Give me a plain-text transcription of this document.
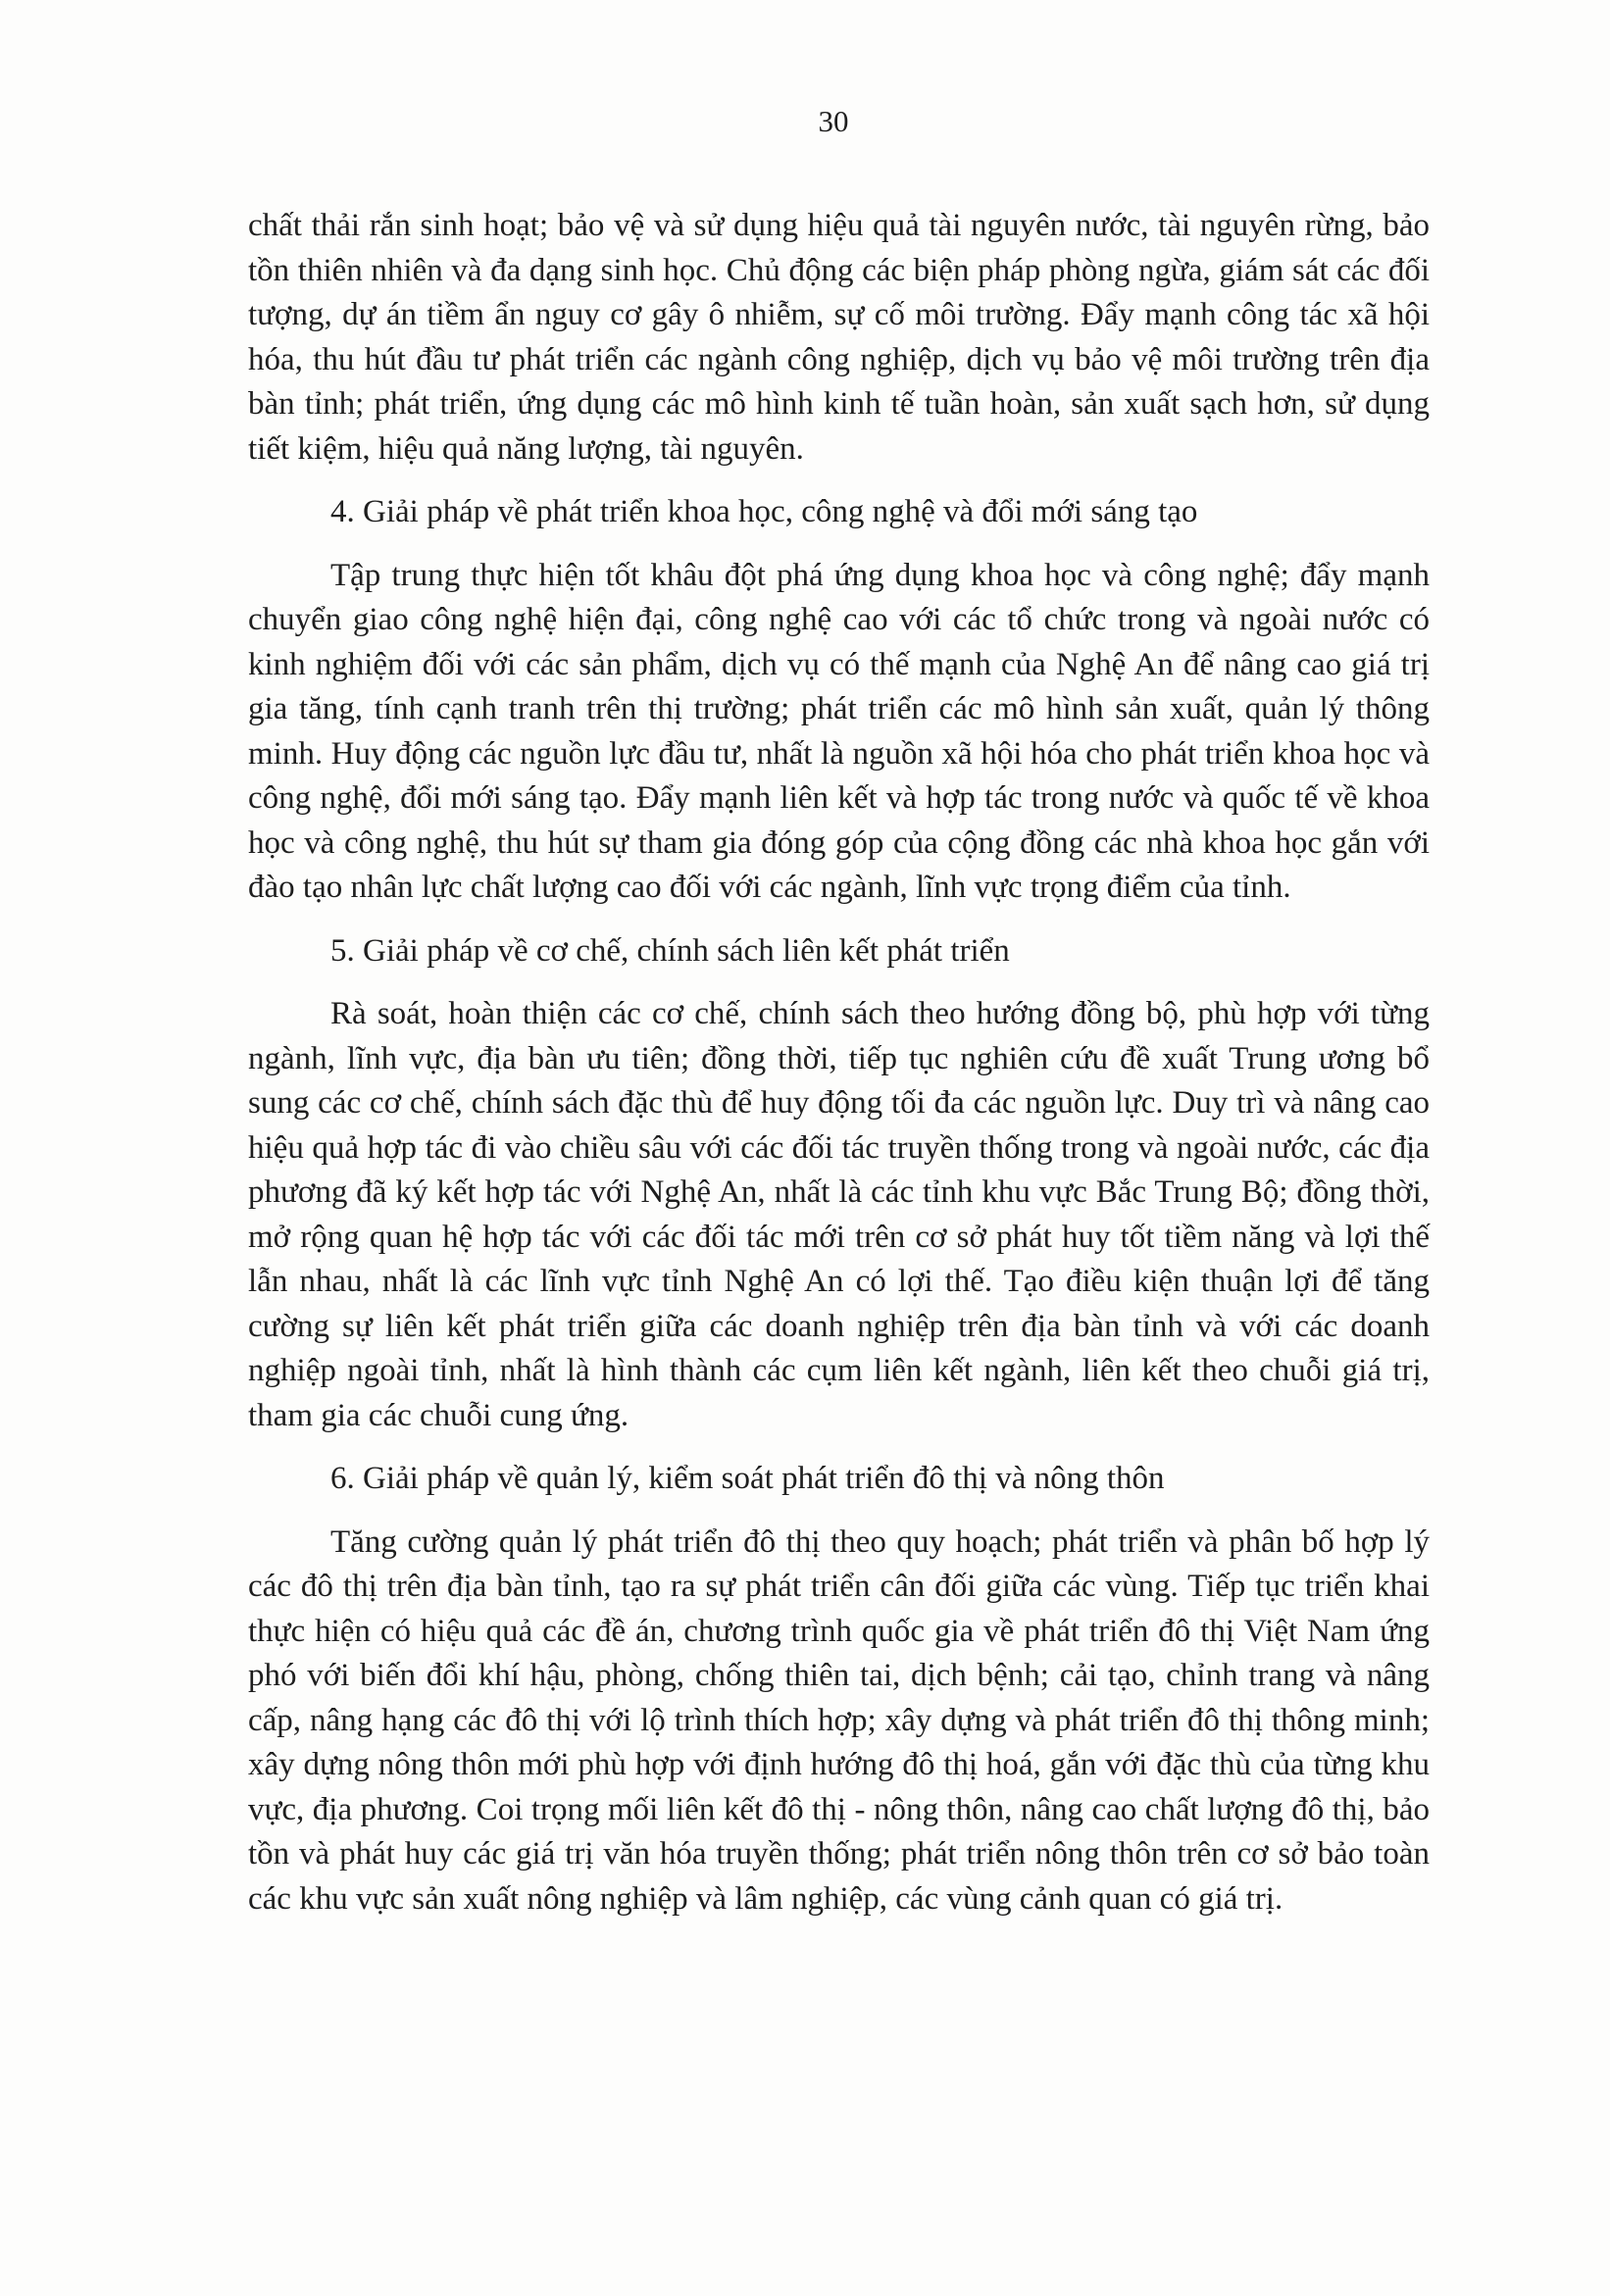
30

chất thải rắn sinh hoạt; bảo vệ và sử dụng hiệu quả tài nguyên nước, tài nguyên rừng, bảo tồn thiên nhiên và đa dạng sinh học. Chủ động các biện pháp phòng ngừa, giám sát các đối tượng, dự án tiềm ẩn nguy cơ gây ô nhiễm, sự cố môi trường. Đẩy mạnh công tác xã hội hóa, thu hút đầu tư phát triển các ngành công nghiệp, dịch vụ bảo vệ môi trường trên địa bàn tỉnh; phát triển, ứng dụng các mô hình kinh tế tuần hoàn, sản xuất sạch hơn, sử dụng tiết kiệm, hiệu quả năng lượng, tài nguyên.

4. Giải pháp về phát triển khoa học, công nghệ và đổi mới sáng tạo

Tập trung thực hiện tốt khâu đột phá ứng dụng khoa học và công nghệ; đẩy mạnh chuyển giao công nghệ hiện đại, công nghệ cao với các tổ chức trong và ngoài nước có kinh nghiệm đối với các sản phẩm, dịch vụ có thế mạnh của Nghệ An để nâng cao giá trị gia tăng, tính cạnh tranh trên thị trường; phát triển các mô hình sản xuất, quản lý thông minh. Huy động các nguồn lực đầu tư, nhất là nguồn xã hội hóa cho phát triển khoa học và công nghệ, đổi mới sáng tạo. Đẩy mạnh liên kết và hợp tác trong nước và quốc tế về khoa học và công nghệ, thu hút sự tham gia đóng góp của cộng đồng các nhà khoa học gắn với đào tạo nhân lực chất lượng cao đối với các ngành, lĩnh vực trọng điểm của tỉnh.

5. Giải pháp về cơ chế, chính sách liên kết phát triển

Rà soát, hoàn thiện các cơ chế, chính sách theo hướng đồng bộ, phù hợp với từng ngành, lĩnh vực, địa bàn ưu tiên; đồng thời, tiếp tục nghiên cứu đề xuất Trung ương bổ sung các cơ chế, chính sách đặc thù để huy động tối đa các nguồn lực. Duy trì và nâng cao hiệu quả hợp tác đi vào chiều sâu với các đối tác truyền thống trong và ngoài nước, các địa phương đã ký kết hợp tác với Nghệ An, nhất là các tỉnh khu vực Bắc Trung Bộ; đồng thời, mở rộng quan hệ hợp tác với các đối tác mới trên cơ sở phát huy tốt tiềm năng và lợi thế lẫn nhau, nhất là các lĩnh vực tỉnh Nghệ An có lợi thế. Tạo điều kiện thuận lợi để tăng cường sự liên kết phát triển giữa các doanh nghiệp trên địa bàn tỉnh và với các doanh nghiệp ngoài tỉnh, nhất là hình thành các cụm liên kết ngành, liên kết theo chuỗi giá trị, tham gia các chuỗi cung ứng.

6. Giải pháp về quản lý, kiểm soát phát triển đô thị và nông thôn

Tăng cường quản lý phát triển đô thị theo quy hoạch; phát triển và phân bố hợp lý các đô thị trên địa bàn tỉnh, tạo ra sự phát triển cân đối giữa các vùng. Tiếp tục triển khai thực hiện có hiệu quả các đề án, chương trình quốc gia về phát triển đô thị Việt Nam ứng phó với biến đổi khí hậu, phòng, chống thiên tai, dịch bệnh; cải tạo, chỉnh trang và nâng cấp, nâng hạng các đô thị với lộ trình thích hợp; xây dựng và phát triển đô thị thông minh; xây dựng nông thôn mới phù hợp với định hướng đô thị hoá, gắn với đặc thù của từng khu vực, địa phương. Coi trọng mối liên kết đô thị - nông thôn, nâng cao chất lượng đô thị, bảo tồn và phát huy các giá trị văn hóa truyền thống; phát triển nông thôn trên cơ sở bảo toàn các khu vực sản xuất nông nghiệp và lâm nghiệp, các vùng cảnh quan có giá trị.
